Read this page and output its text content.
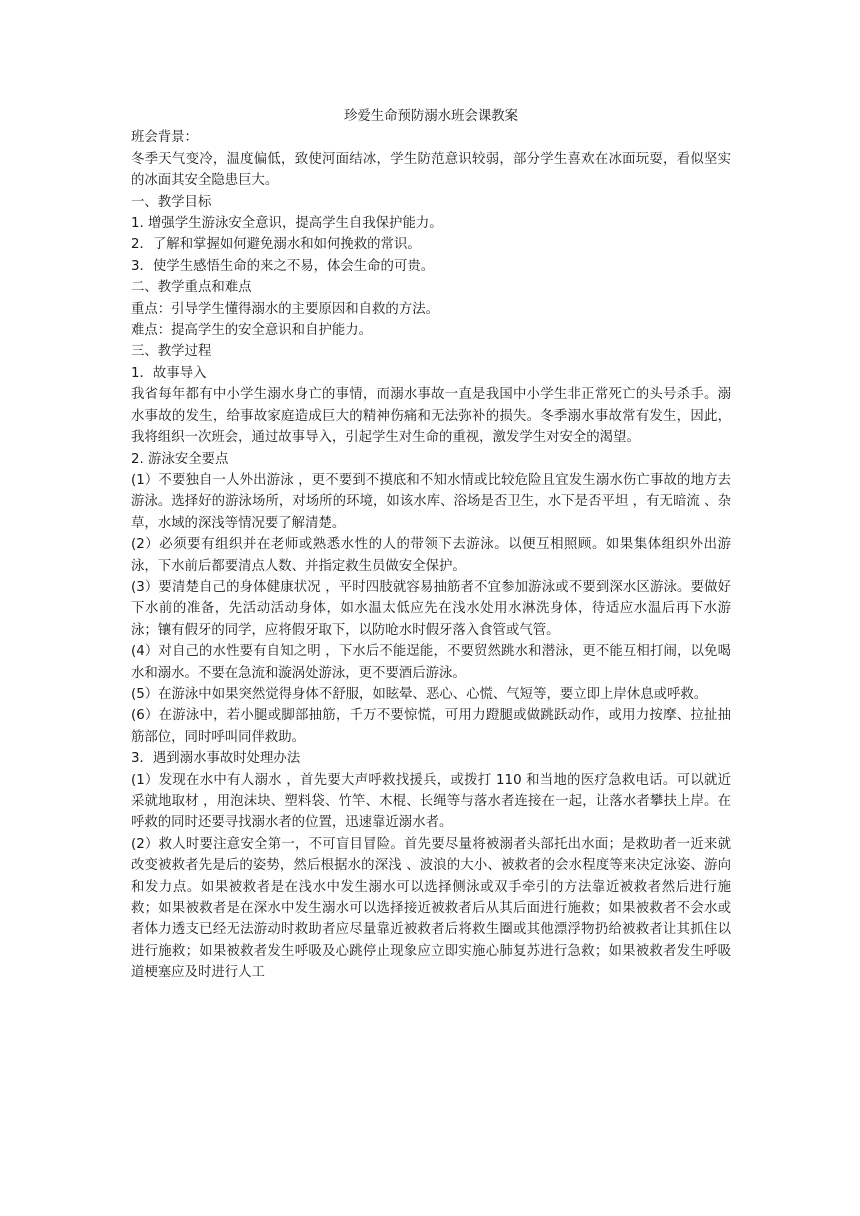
珍爱生命预防溺水班会课教案

班会背景：

冬季天气变冷，温度偏低，致使河面结冰，学生防范意识较弱，部分学生喜欢在冰面玩耍，看似坚实的冰面其安全隐患巨大。

一、教学目标

1. 增强学生游泳安全意识，提高学生自我保护能力。

2．了解和掌握如何避免溺水和如何挽救的常识。

3．使学生感悟生命的来之不易，体会生命的可贵。

二、教学重点和难点

重点：引导学生懂得溺水的主要原因和自救的方法。

难点：提高学生的安全意识和自护能力。

三、教学过程

1．故事导入

我省每年都有中小学生溺水身亡的事情，而溺水事故一直是我国中小学生非正常死亡的头号杀手。溺水事故的发生，给事故家庭造成巨大的精神伤痛和无法弥补的损失。冬季溺水事故常有发生，因此，我将组织一次班会，通过故事导入，引起学生对生命的重视，激发学生对安全的渴望。

2. 游泳安全要点

(1）不要独自一人外出游泳 ，更不要到不摸底和不知水情或比较危险且宜发生溺水伤亡事故的地方去游泳。选择好的游泳场所，对场所的环境，如该水库、浴场是否卫生，水下是否平坦 ，有无暗流 、杂草，水域的深浅等情况要了解清楚。

(2）必须要有组织并在老师或熟悉水性的人的带领下去游泳。以便互相照顾。如果集体组织外出游泳，下水前后都要清点人数、并指定救生员做安全保护。

(3）要清楚自己的身体健康状况 ，平时四肢就容易抽筋者不宜参加游泳或不要到深水区游泳。要做好下水前的准备，先活动活动身体，如水温太低应先在浅水处用水淋洗身体，待适应水温后再下水游泳；镶有假牙的同学，应将假牙取下，以防呛水时假牙落入食管或气管。

(4）对自己的水性要有自知之明 ，下水后不能逞能，不要贸然跳水和潜泳，更不能互相打闹，以免喝水和溺水。不要在急流和漩涡处游泳，更不要酒后游泳。

(5）在游泳中如果突然觉得身体不舒服，如眩晕、恶心、心慌、气短等，要立即上岸休息或呼救。

(6）在游泳中，若小腿或脚部抽筋，千万不要惊慌，可用力蹬腿或做跳跃动作，或用力按摩、拉扯抽筋部位，同时呼叫同伴救助。

3．遇到溺水事故时处理办法

(1）发现在水中有人溺水 ，首先要大声呼救找援兵，或拨打 110 和当地的医疗急救电话。可以就近采就地取材 ，用泡沫块、塑料袋、竹竿、木棍、长绳等与落水者连接在一起，让落水者攀扶上岸。在呼救的同时还要寻找溺水者的位置，迅速靠近溺水者。

(2）救人时要注意安全第一，不可盲目冒险。首先要尽量将被溺者头部托出水面；是救助者一近来就改变被救者先是后的姿势，然后根据水的深浅 、波浪的大小、被救者的会水程度等来决定泳姿、游向和发力点。如果被救者是在浅水中发生溺水可以选择侧泳或双手牵引的方法靠近被救者然后进行施救；如果被救者是在深水中发生溺水可以选择接近被救者后从其后面进行施救；如果被救者不会水或者体力透支已经无法游动时救助者应尽量靠近被救者后将救生圈或其他漂浮物扔给被救者让其抓住以进行施救；如果被救者发生呼吸及心跳停止现象应立即实施心肺复苏进行急救；如果被救者发生呼吸道梗塞应及时进行人工
